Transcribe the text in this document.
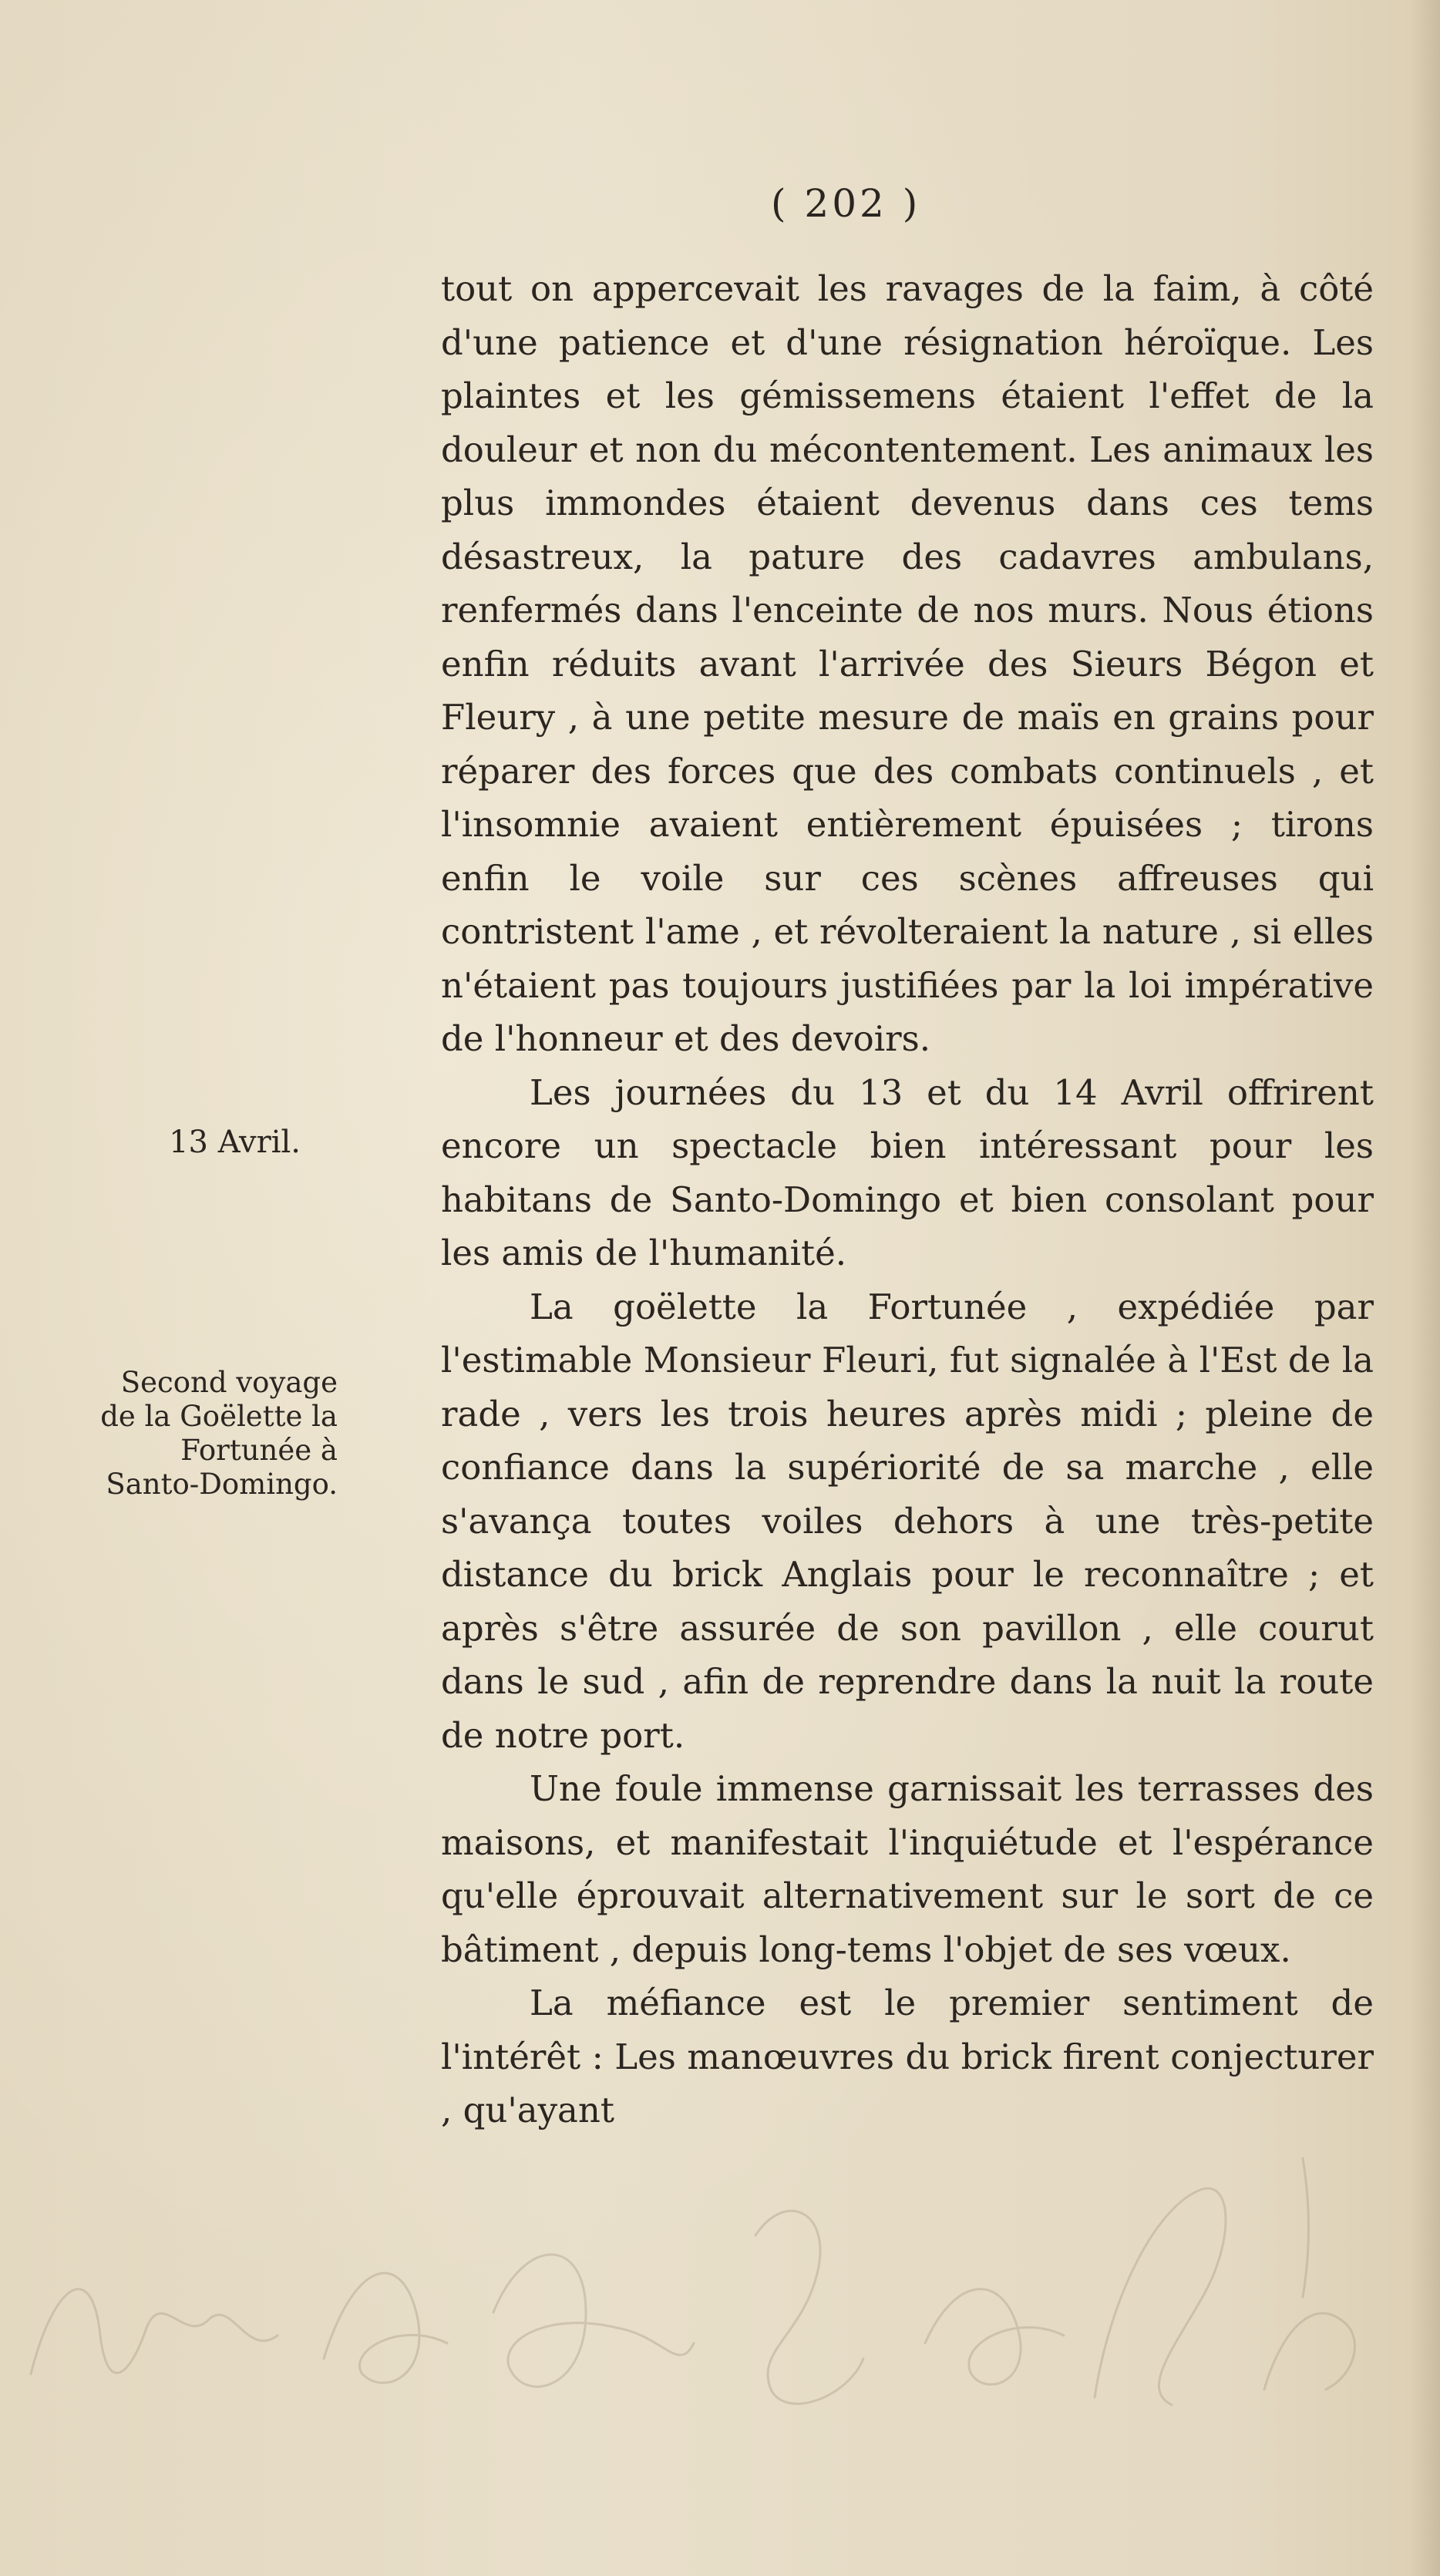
( 202 )
13 Avril.
Second voyage de la Goëlette la Fortunée à Santo-Domingo.

tout on appercevait les ravages de la faim, à côté d'une patience et d'une résignation héroïque. Les plaintes et les gémissemens étaient l'effet de la douleur et non du mécontentement. Les animaux les plus immondes étaient devenus dans ces tems désastreux, la pature des cadavres ambulans, renfermés dans l'enceinte de nos murs. Nous étions enfin réduits avant l'arrivée des Sieurs Bégon et Fleury , à une petite mesure de maïs en grains pour réparer des forces que des combats continuels , et l'insomnie avaient entièrement épuisées ; tirons enfin le voile sur ces scènes affreuses qui contristent l'ame , et révolteraient la nature , si elles n'étaient pas toujours justifiées par la loi impérative de l'honneur et des devoirs.

Les journées du 13 et du 14 Avril offrirent encore un spectacle bien intéressant pour les habitans de Santo-Domingo et bien consolant pour les amis de l'humanité.

La goëlette la Fortunée , expédiée par l'estimable Monsieur Fleuri, fut signalée à l'Est de la rade , vers les trois heures après midi ; pleine de confiance dans la supériorité de sa marche , elle s'avança toutes voiles dehors à une très-petite distance du brick Anglais pour le reconnaître ; et après s'être assurée de son pavillon , elle courut dans le sud , afin de reprendre dans la nuit la route de notre port.

Une foule immense garnissait les terrasses des maisons, et manifestait l'inquiétude et l'espérance qu'elle éprouvait alternativement sur le sort de ce bâtiment , depuis long-tems l'objet de ses vœux.

La méfiance est le premier sentiment de l'intérêt : Les manœuvres du brick firent conjecturer , qu'ayant
